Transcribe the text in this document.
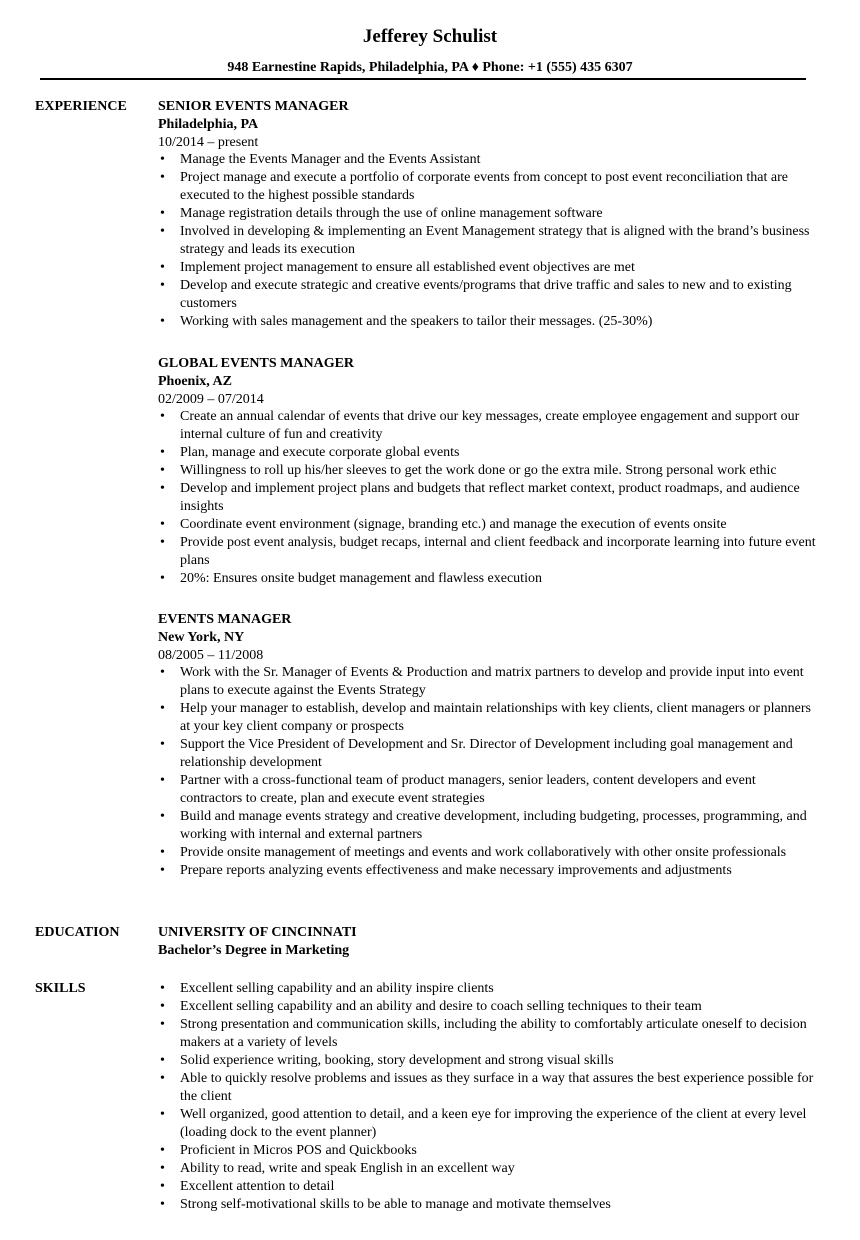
Jefferey Schulist
948 Earnestine Rapids, Philadelphia, PA ♦ Phone: +1 (555) 435 6307
EXPERIENCE SENIOR EVENTS MANAGER
Philadelphia, PA
10/2014 – present
• Manage the Events Manager and the Events Assistant
• Project manage and execute a portfolio of corporate events from concept to post event reconciliation that are executed to the highest possible standards
• Manage registration details through the use of online management software
• Involved in developing & implementing an Event Management strategy that is aligned with the brand’s business strategy and leads its execution
• Implement project management to ensure all established event objectives are met
• Develop and execute strategic and creative events/programs that drive traffic and sales to new and to existing customers
• Working with sales management and the speakers to tailor their messages. (25-30%)
GLOBAL EVENTS MANAGER
Phoenix, AZ
02/2009 – 07/2014
• Create an annual calendar of events that drive our key messages, create employee engagement and support our internal culture of fun and creativity
• Plan, manage and execute corporate global events
• Willingness to roll up his/her sleeves to get the work done or go the extra mile. Strong personal work ethic
• Develop and implement project plans and budgets that reflect market context, product roadmaps, and audience insights
• Coordinate event environment (signage, branding etc.) and manage the execution of events onsite
• Provide post event analysis, budget recaps, internal and client feedback and incorporate learning into future event plans
• 20%: Ensures onsite budget management and flawless execution
EVENTS MANAGER
New York, NY
08/2005 – 11/2008
• Work with the Sr. Manager of Events & Production and matrix partners to develop and provide input into event plans to execute against the Events Strategy
• Help your manager to establish, develop and maintain relationships with key clients, client managers or planners at your key client company or prospects
• Support the Vice President of Development and Sr. Director of Development including goal management and relationship development
• Partner with a cross-functional team of product managers, senior leaders, content developers and event contractors to create, plan and execute event strategies
• Build and manage events strategy and creative development, including budgeting, processes, programming, and working with internal and external partners
• Provide onsite management of meetings and events and work collaboratively with other onsite professionals
• Prepare reports analyzing events effectiveness and make necessary improvements and adjustments
EDUCATION	UNIVERSITY OF CINCINNATI
Bachelor’s Degree in Marketing
SKILLS	• Excellent selling capability and an ability inspire clients
• Excellent selling capability and an ability and desire to coach selling techniques to their team
• Strong presentation and communication skills, including the ability to comfortably articulate oneself to decision makers at a variety of levels
• Solid experience writing, booking, story development and strong visual skills
• Able to quickly resolve problems and issues as they surface in a way that assures the best experience possible for the client
• Well organized, good attention to detail, and a keen eye for improving the experience of the client at every level (loading dock to the event planner)
• Proficient in Micros POS and Quickbooks
• Ability to read, write and speak English in an excellent way
• Excellent attention to detail
• Strong self-motivational skills to be able to manage and motivate themselves
